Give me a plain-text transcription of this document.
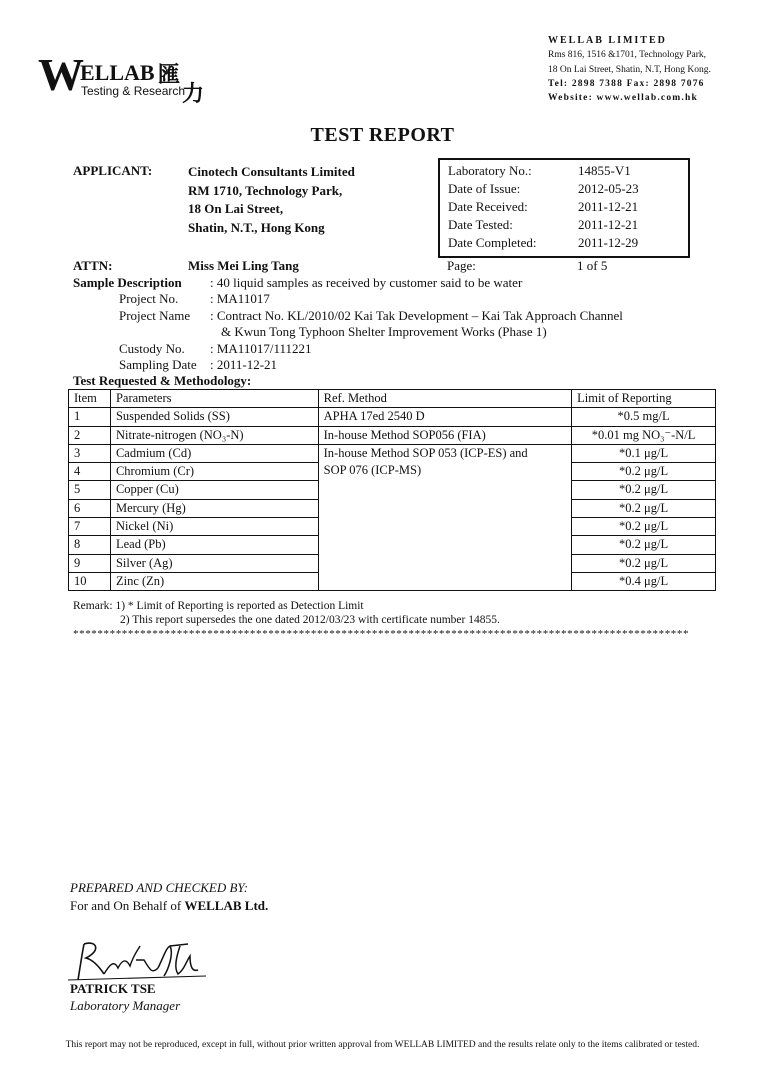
W
ELLAB 匯
力
Testing & Research
WELLAB LIMITED
Rms 816, 1516 &1701, Technology Park,
18 On Lai Street, Shatin, N.T, Hong Kong.
Tel: 2898 7388 Fax: 2898 7076
Website: www.wellab.com.hk
TEST REPORT
APPLICANT:	Cinotech Consultants Limited
RM 1710, Technology Park,
18 On Lai Street,
Shatin, N.T., Hong Kong
Laboratory No.:	14855-V1
Date of Issue:	2012-05-23
Date Received:	2011-12-21
Date Tested:	2011-12-21
Date Completed:	2011-12-29
ATTN:	Miss Mei Ling Tang	Page:	1 of 5
Sample Description : 40 liquid samples as received by customer said to be water
Project No. : MA11017
Project Name : Contract No. KL/2010/02 Kai Tak Development – Kai Tak Approach Channel
& Kwun Tong Typhoon Shelter Improvement Works (Phase 1)
Custody No. : MA11017/111221
Sampling Date : 2011-12-21
Test Requested & Methodology:
Item	Parameters	Ref. Method	Limit of Reporting
1	Suspended Solids (SS)	APHA 17ed 2540 D	*0.5 mg/L
2	Nitrate-nitrogen (NO₃-N)	In-house Method SOP056 (FIA)	*0.01 mg NO₃⁻-N/L
3	Cadmium (Cd)	In-house Method SOP 053 (ICP-ES) and
SOP 076 (ICP-MS)	*0.1 μg/L
4	Chromium (Cr)		*0.2 μg/L
5	Copper (Cu)		*0.2 μg/L
6	Mercury (Hg)		*0.2 μg/L
7	Nickel (Ni)		*0.2 μg/L
8	Lead (Pb)		*0.2 μg/L
9	Silver (Ag)		*0.2 μg/L
10	Zinc (Zn)		*0.4 μg/L
Remark: 1) * Limit of Reporting is reported as Detection Limit
2) This report supersedes the one dated 2012/03/23 with certificate number 14855.
*****************************************************************************************************
PREPARED AND CHECKED BY:
For and On Behalf of WELLAB Ltd.
PATRICK TSE
Laboratory Manager
This report may not be reproduced, except in full, without prior written approval from WELLAB LIMITED and the results relate only to the items calibrated or tested.
